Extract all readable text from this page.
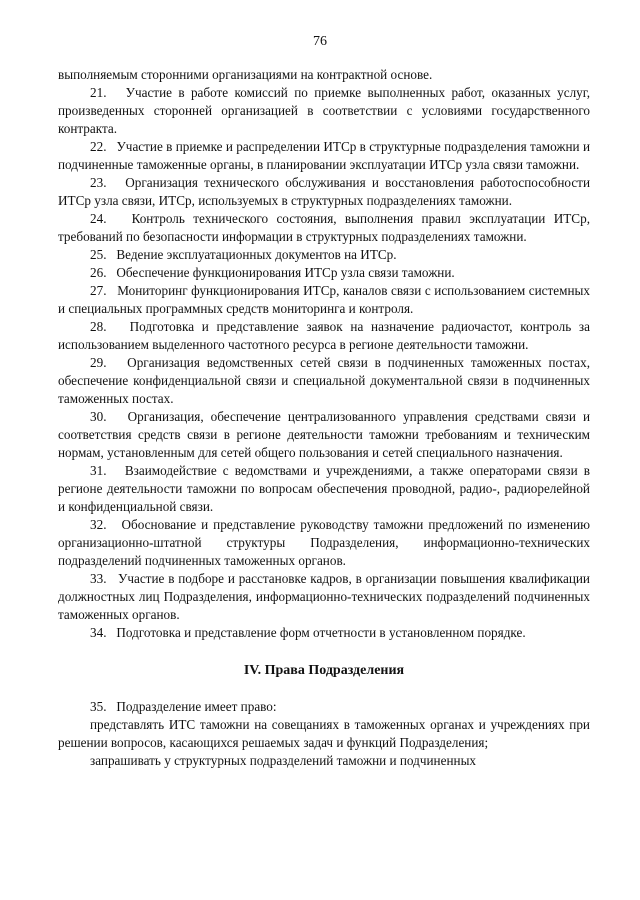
76

выполняемым сторонними организациями на контрактной основе.

21. Участие в работе комиссий по приемке выполненных работ, оказанных услуг, произведенных сторонней организацией в соответствии с условиями государственного контракта.

22. Участие в приемке и распределении ИТСр в структурные подразделения таможни и подчиненные таможенные органы, в планировании эксплуатации ИТСр узла связи таможни.

23. Организация технического обслуживания и восстановления работоспособности ИТСр узла связи, ИТСр, используемых в структурных подразделениях таможни.

24. Контроль технического состояния, выполнения правил эксплуатации ИТСр, требований по безопасности информации в структурных подразделениях таможни.

25. Ведение эксплуатационных документов на ИТСр.

26. Обеспечение функционирования ИТСр узла связи таможни.

27. Мониторинг функционирования ИТСр, каналов связи с использованием системных и специальных программных средств мониторинга и контроля.

28. Подготовка и представление заявок на назначение радиочастот, контроль за использованием выделенного частотного ресурса в регионе деятельности таможни.

29. Организация ведомственных сетей связи в подчиненных таможенных постах, обеспечение конфиденциальной связи и специальной документальной связи в подчиненных таможенных постах.

30. Организация, обеспечение централизованного управления средствами связи и соответствия средств связи в регионе деятельности таможни требованиям и техническим нормам, установленным для сетей общего пользования и сетей специального назначения.

31. Взаимодействие с ведомствами и учреждениями, а также операторами связи в регионе деятельности таможни по вопросам обеспечения проводной, радио-, радиорелейной и конфиденциальной связи.

32. Обоснование и представление руководству таможни предложений по изменению организационно-штатной структуры Подразделения, информационно-технических подразделений подчиненных таможенных органов.

33. Участие в подборе и расстановке кадров, в организации повышения квалификации должностных лиц Подразделения, информационно-технических подразделений подчиненных таможенных органов.

34. Подготовка и представление форм отчетности в установленном порядке.

IV. Права Подразделения

35. Подразделение имеет право:

представлять ИТС таможни на совещаниях в таможенных органах и учреждениях при решении вопросов, касающихся решаемых задач и функций Подразделения;

запрашивать у структурных подразделений таможни и подчиненных
